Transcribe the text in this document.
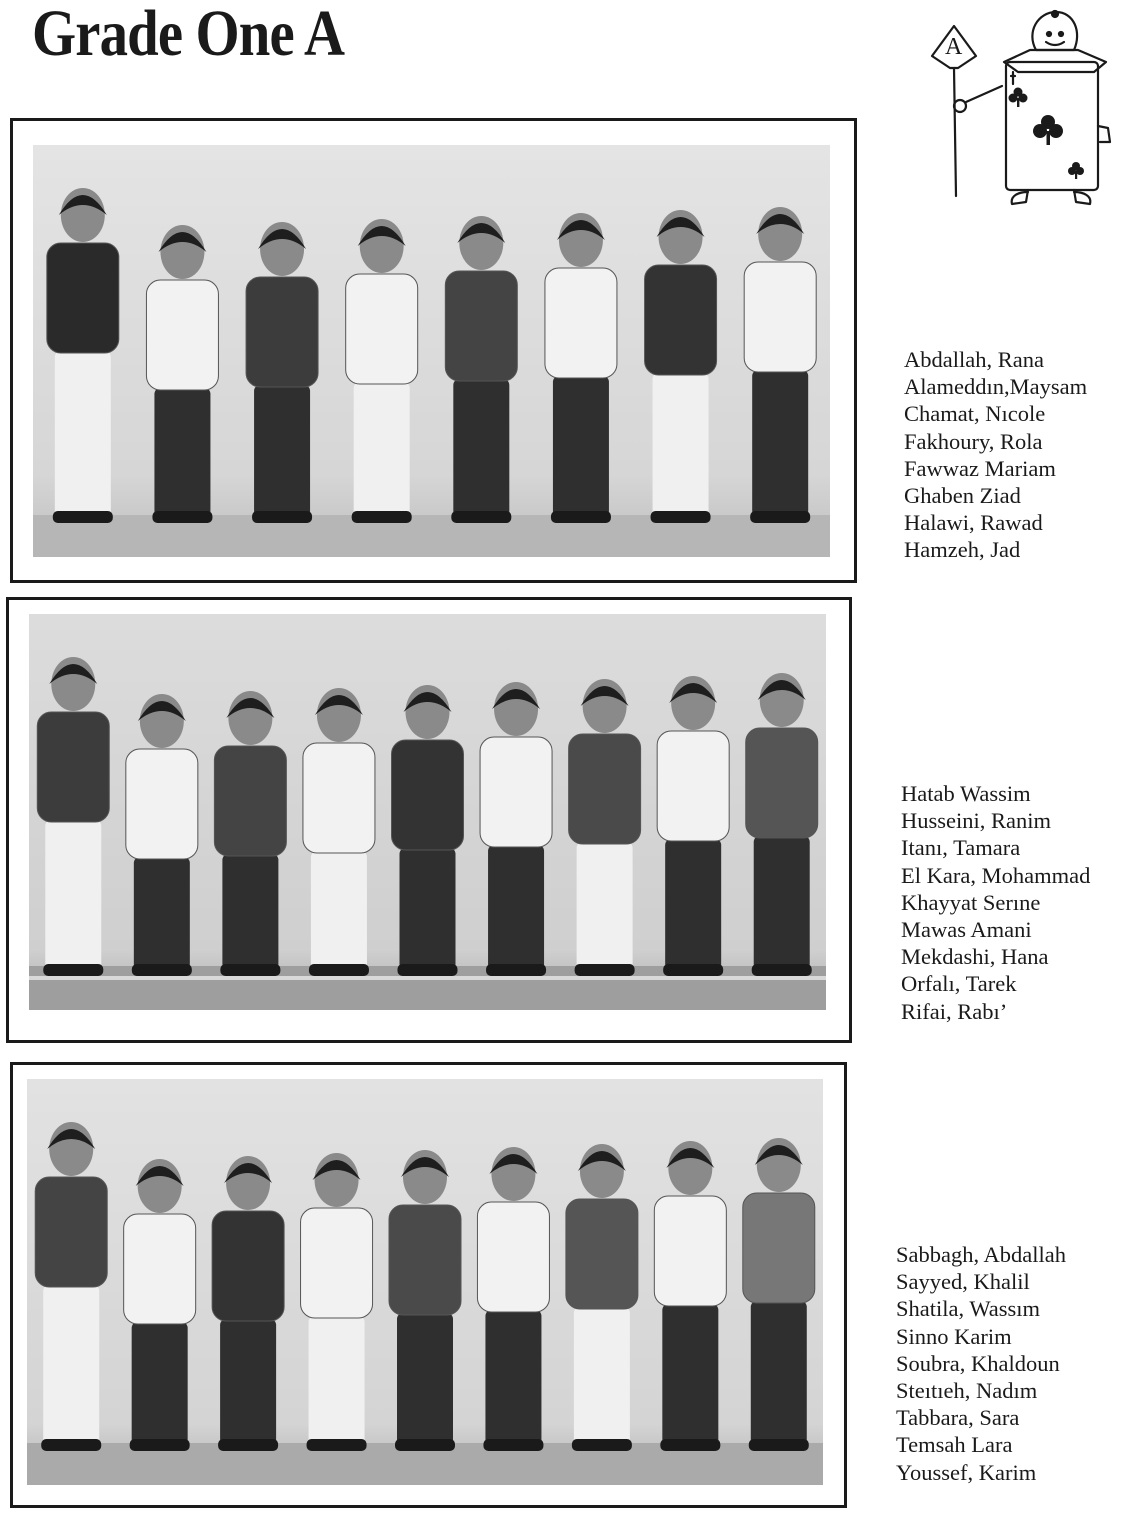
Grade One A	A
Abdallah, Rana
Alameddın,Maysam
Chamat, Nıcole
Fakhoury, Rola
Fawwaz Mariam
Ghaben Ziad
Halawi, Rawad
Hamzeh, Jad
Hatab Wassim
Husseini, Ranim
Itanı, Tamara
El Kara, Mohammad
Khayyat Serıne
Mawas Amani
Mekdashi, Hana
Orfalı, Tarek
Rifai, Rabı’
Sabbagh, Abdallah
Sayyed, Khalil
Shatila, Wassım
Sinno Karim
Soubra, Khaldoun
Steıtıeh, Nadım
Tabbara, Sara
Temsah Lara
Youssef, Karim
